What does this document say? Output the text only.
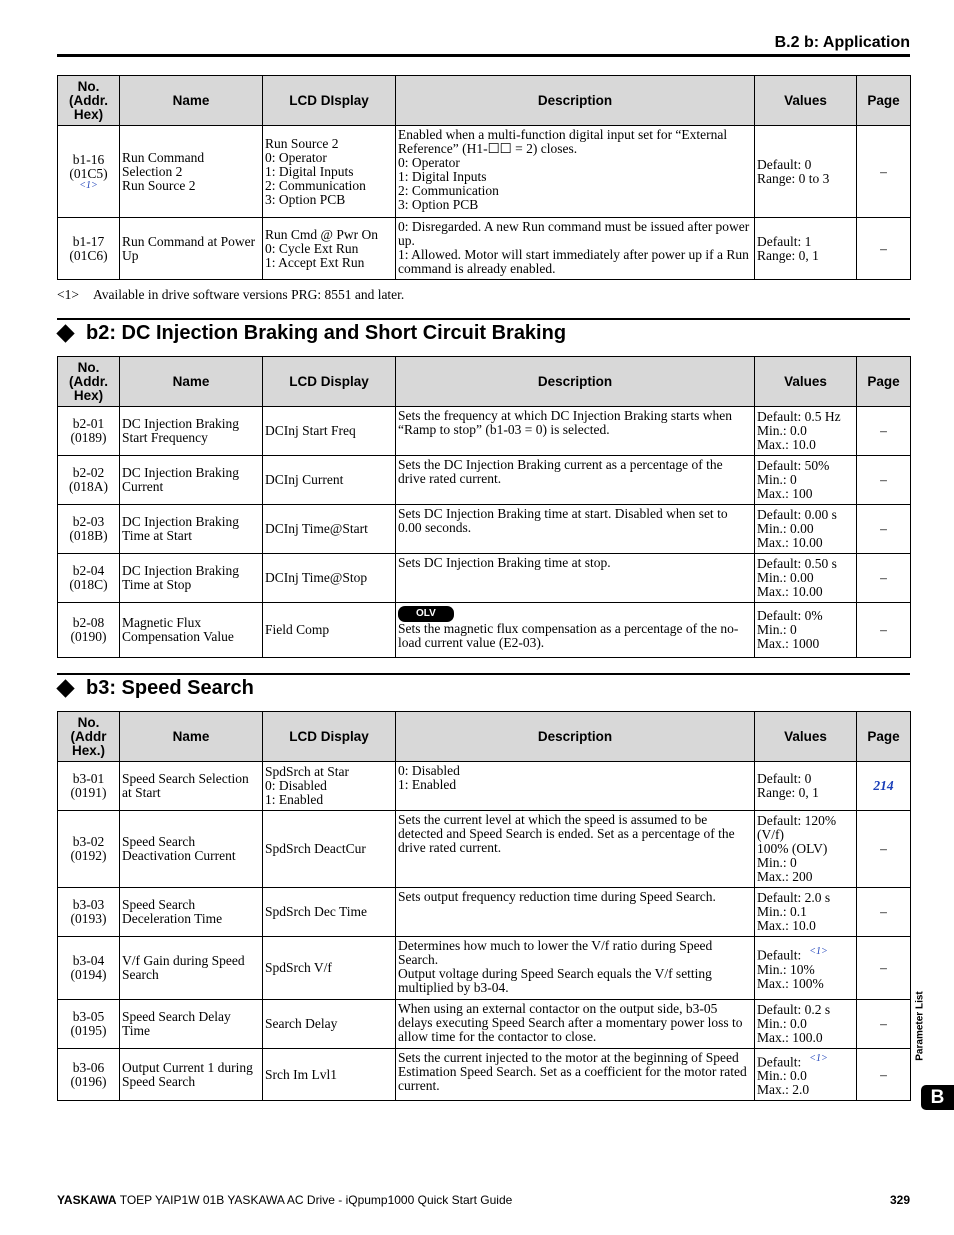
B.2 b: Application
No.
(Addr.
Hex)	Name	LCD DIsplay	Description	Values	Page
b1-16
(01C5)
<1>	Run Command
Selection 2
Run Source 2	Run Source 2
0: Operator
1: Digital Inputs
2: Communication
3: Option PCB	Enabled when a multi-function digital input set for “External Reference” (H1-☐☐ = 2) closes.
0: Operator
1: Digital Inputs
2: Communication
3: Option PCB	Default: 0
Range: 0 to 3	–
b1-17
(01C6)	Run Command at Power Up	Run Cmd @ Pwr On
0: Cycle Ext Run
1: Accept Ext Run	0: Disregarded. A new Run command must be issued after power up.
1: Allowed. Motor will start immediately after power up if a Run command is already enabled.	Default: 1
Range: 0, 1	–
<1> Available in drive software versions PRG: 8551 and later.
b2: DC Injection Braking and Short Circuit Braking
No.
(Addr.
Hex)	Name	LCD Display	Description	Values	Page
b2-01
(0189)	DC Injection Braking Start Frequency	DCInj Start Freq	Sets the frequency at which DC Injection Braking starts when “Ramp to stop” (b1-03 = 0) is selected.	Default: 0.5 Hz
Min.: 0.0
Max.: 10.0	–
b2-02
(018A)	DC Injection Braking Current	DCInj Current	Sets the DC Injection Braking current as a percentage of the drive rated current.	Default: 50%
Min.: 0
Max.: 100	–
b2-03
(018B)	DC Injection Braking Time at Start	DCInj Time@Start	Sets DC Injection Braking time at start. Disabled when set to 0.00 seconds.	Default: 0.00 s
Min.: 0.00
Max.: 10.00	–
b2-04
(018C)	DC Injection Braking Time at Stop	DCInj Time@Stop	Sets DC Injection Braking time at stop.	Default: 0.50 s
Min.: 0.00
Max.: 10.00	–
b2-08
(0190)	Magnetic Flux Compensation Value	Field Comp	OLV
Sets the magnetic flux compensation as a percentage of the no-load current value (E2-03).	Default: 0%
Min.: 0
Max.: 1000	–
b3: Speed Search
No.
(Addr
Hex.)	Name	LCD Display	Description	Values	Page
b3-01
(0191)	Speed Search Selection at Start	SpdSrch at Star
0: Disabled
1: Enabled	0: Disabled
1: Enabled	Default: 0
Range: 0, 1	214
b3-02
(0192)	Speed Search Deactivation Current	SpdSrch DeactCur	Sets the current level at which the speed is assumed to be detected and Speed Search is ended. Set as a percentage of the drive rated current.	Default: 120%
(V/f)
100% (OLV)
Min.: 0
Max.: 200	–
b3-03
(0193)	Speed Search Deceleration Time	SpdSrch Dec Time	Sets output frequency reduction time during Speed Search.	Default: 2.0 s
Min.: 0.1
Max.: 10.0	–
b3-04
(0194)	V/f Gain during Speed Search	SpdSrch V/f	Determines how much to lower the V/f ratio during Speed Search.
Output voltage during Speed Search equals the V/f setting multiplied by b3-04.	Default: $^{<1>}$
Min.: 10%
Max.: 100%	–
b3-05
(0195)	Speed Search Delay Time	Search Delay	When using an external contactor on the output side, b3-05 delays executing Speed Search after a momentary power loss to allow time for the contactor to close.	Default: 0.2 s
Min.: 0.0
Max.: 100.0	–
b3-06
(0196)	Output Current 1 during Speed Search	Srch Im Lvl1	Sets the current injected to the motor at the beginning of Speed Estimation Speed Search. Set as a coefficient for the motor rated current.	Default: $^{<1>}$
Min.: 0.0
Max.: 2.0	–
Parameter List
B
YASKAWA TOEP YAIP1W 01B YASKAWA AC Drive - iQpump1000 Quick Start Guide	329
